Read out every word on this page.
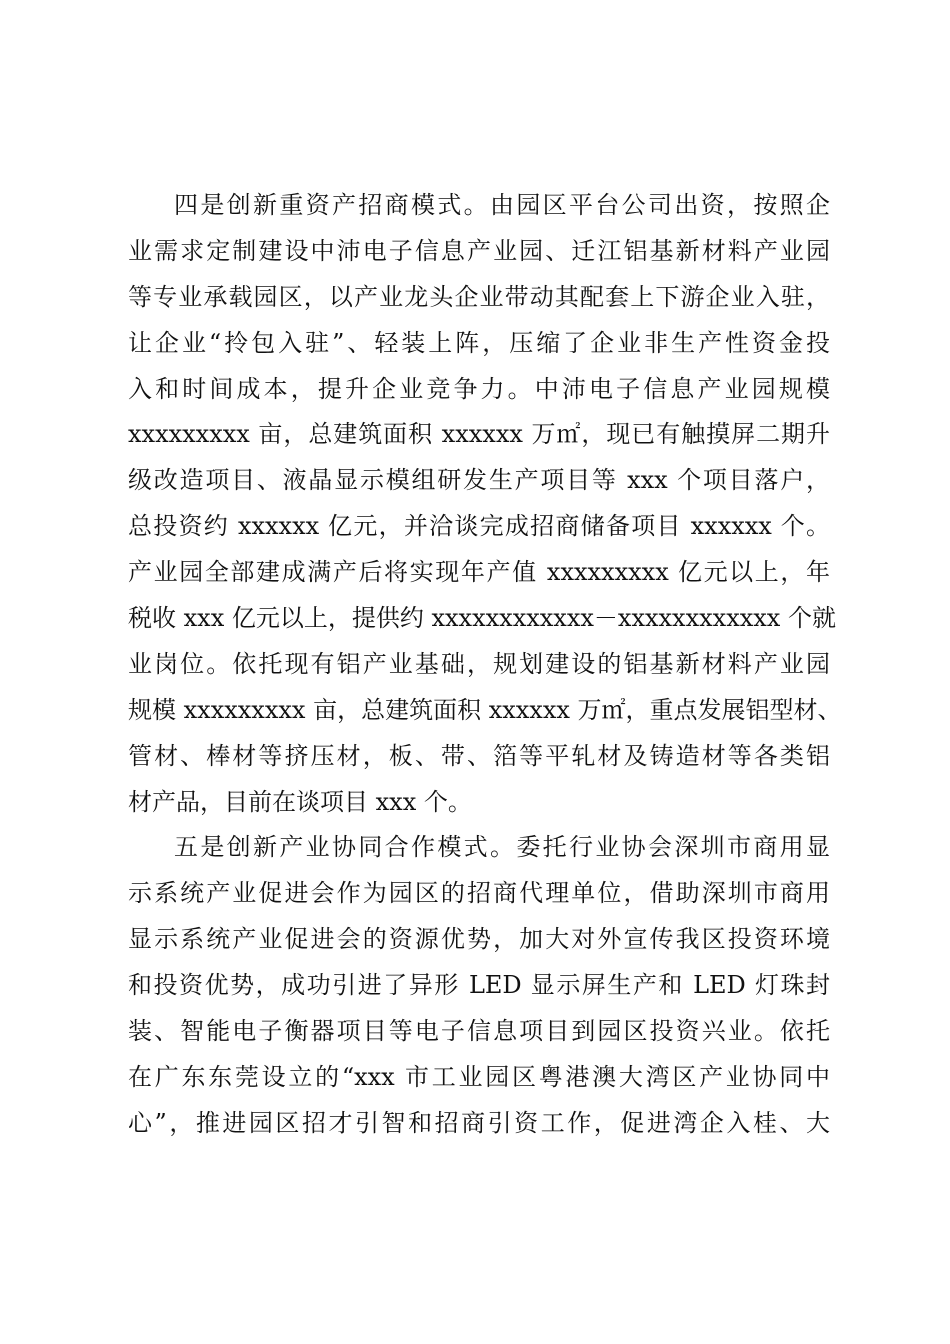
四是创新重资产招商模式。由园区平台公司出资，按照企
业需求定制建设中沛电子信息产业园、迁江铝基新材料产业园
等专业承载园区，以产业龙头企业带动其配套上下游企业入驻，
让企业“拎包入驻”、轻装上阵，压缩了企业非生产性资金投
入和时间成本，提升企业竞争力。中沛电子信息产业园规模
xxxxxxxxx 亩，总建筑面积 xxxxxx 万㎡，现已有触摸屏二期升
级改造项目、液晶显示模组研发生产项目等 xxx 个项目落户，
总投资约 xxxxxx 亿元，并洽谈完成招商储备项目 xxxxxx 个。
产业园全部建成满产后将实现年产值 xxxxxxxxx 亿元以上，年
税收 xxx 亿元以上，提供约 xxxxxxxxxxxx－xxxxxxxxxxxx 个就
业岗位。依托现有铝产业基础，规划建设的铝基新材料产业园
规模 xxxxxxxxx 亩，总建筑面积 xxxxxx 万㎡，重点发展铝型材、
管材、棒材等挤压材，板、带、箔等平轧材及铸造材等各类铝
材产品，目前在谈项目 xxx 个。
五是创新产业协同合作模式。委托行业协会深圳市商用显
示系统产业促进会作为园区的招商代理单位，借助深圳市商用
显示系统产业促进会的资源优势，加大对外宣传我区投资环境
和投资优势，成功引进了异形 LED 显示屏生产和 LED 灯珠封
装、智能电子衡器项目等电子信息项目到园区投资兴业。依托
在广东东莞设立的“xxx 市工业园区粤港澳大湾区产业协同中
心”，推进园区招才引智和招商引资工作，促进湾企入桂、大
